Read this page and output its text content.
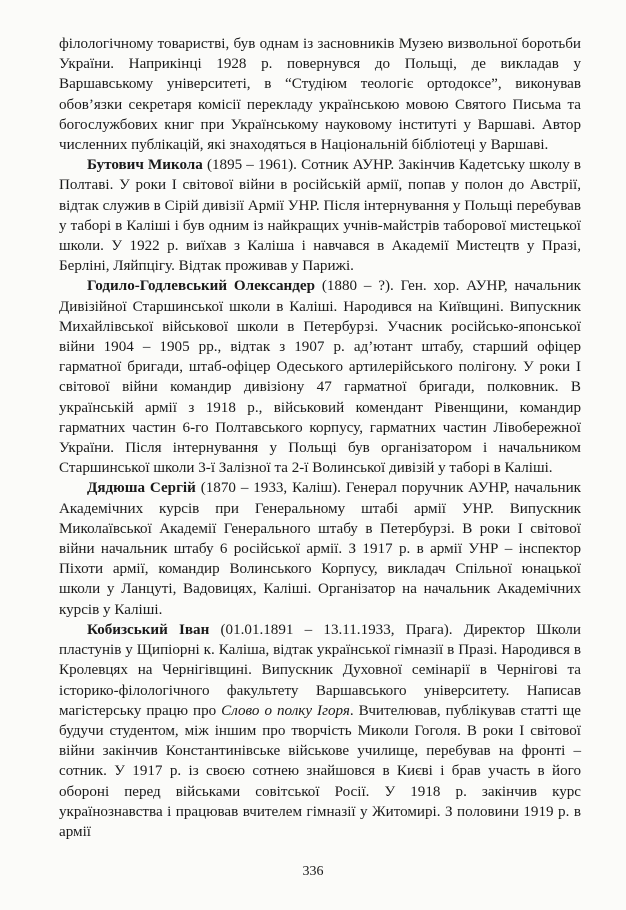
філологічному товаристві, був однам із засновників Музею визвольної боротьби України. Наприкінці 1928 р. повернувся до Польщі, де викладав у Варшавському університеті, в “Студіюм теологіє ортодоксе”, виконував обов’язки секретаря комісії перекладу українською мовою Святого Письма та богослужбових книг при Українському науковому інституті у Варшаві. Автор численних публікацій, які знаходяться в Національній бібліотеці у Варшаві.

Бутович Микола (1895 – 1961). Сотник АУНР. Закінчив Кадетську школу в Полтаві. У роки І світової війни в російській армії, попав у полон до Австрії, відтак служив в Сірій дивізії Армії УНР. Після інтернування у Польщі перебував у таборі в Каліші і був одним із найкращих учнів-майстрів таборової мистецької школи. У 1922 р. виїхав з Каліша і навчався в Академії Мистецтв у Празі, Берліні, Ляйпцігу. Відтак проживав у Парижі.

Годило-Годлевський Олександер (1880 – ?). Ген. хор. АУНР, начальник Дивізійної Старшинської школи в Каліші. Народився на Київщині. Випускник Михайлівської військової школи в Петербурзі. Учасник російсько-японської війни 1904 – 1905 рр., відтак з 1907 р. ад’ютант штабу, старший офіцер гарматної бригади, штаб-офіцер Одеського артилерійського полігону. У роки І світової війни командир дивізіону 47 гарматної бригади, полковник. В українській армії з 1918 р., військовий комендант Рівенщини, командир гарматних частин 6-го Полтавського корпусу, гарматних частин Лівобережної України. Після інтернування у Польщі був організатором і начальником Старшинської школи 3-ї Залізної та 2-ї Волинської дивізій у таборі в Каліші.

Дядюша Сергій (1870 – 1933, Каліш). Генерал поручник АУНР, начальник Академічних курсів при Генеральному штабі армії УНР. Випускник Миколаївської Академії Генерального штабу в Петербурзі. В роки І світової війни начальник штабу 6 російської армії. З 1917 р. в армії УНР – інспектор Піхоти армії, командир Волинського Корпусу, викладач Спільної юнацької школи у Ланцуті, Вадовицях, Каліші. Організатор на начальник Академічних курсів у Каліші.

Кобизський Іван (01.01.1891 – 13.11.1933, Прага). Директор Школи пластунів у Щипіорні к. Каліша, відтак української гімназії в Празі. Народився в Кролевцях на Чернігівщині. Випускник Духовної семінарії в Чернігові та історико-філологічного факультету Варшавського університету. Написав магістерську працю про Слово о полку Ігоря. Вчителював, публікував статті ще будучи студентом, між іншим про творчість Миколи Гоголя. В роки І світової війни закінчив Константинівське військове училище, перебував на фронті – сотник. У 1917 р. із своєю сотнею знайшовся в Києві і брав участь в його обороні перед військами совітської Росії. У 1918 р. закінчив курс українознавства і працював вчителем гімназії у Житомирі. З половини 1919 р. в армії

336
